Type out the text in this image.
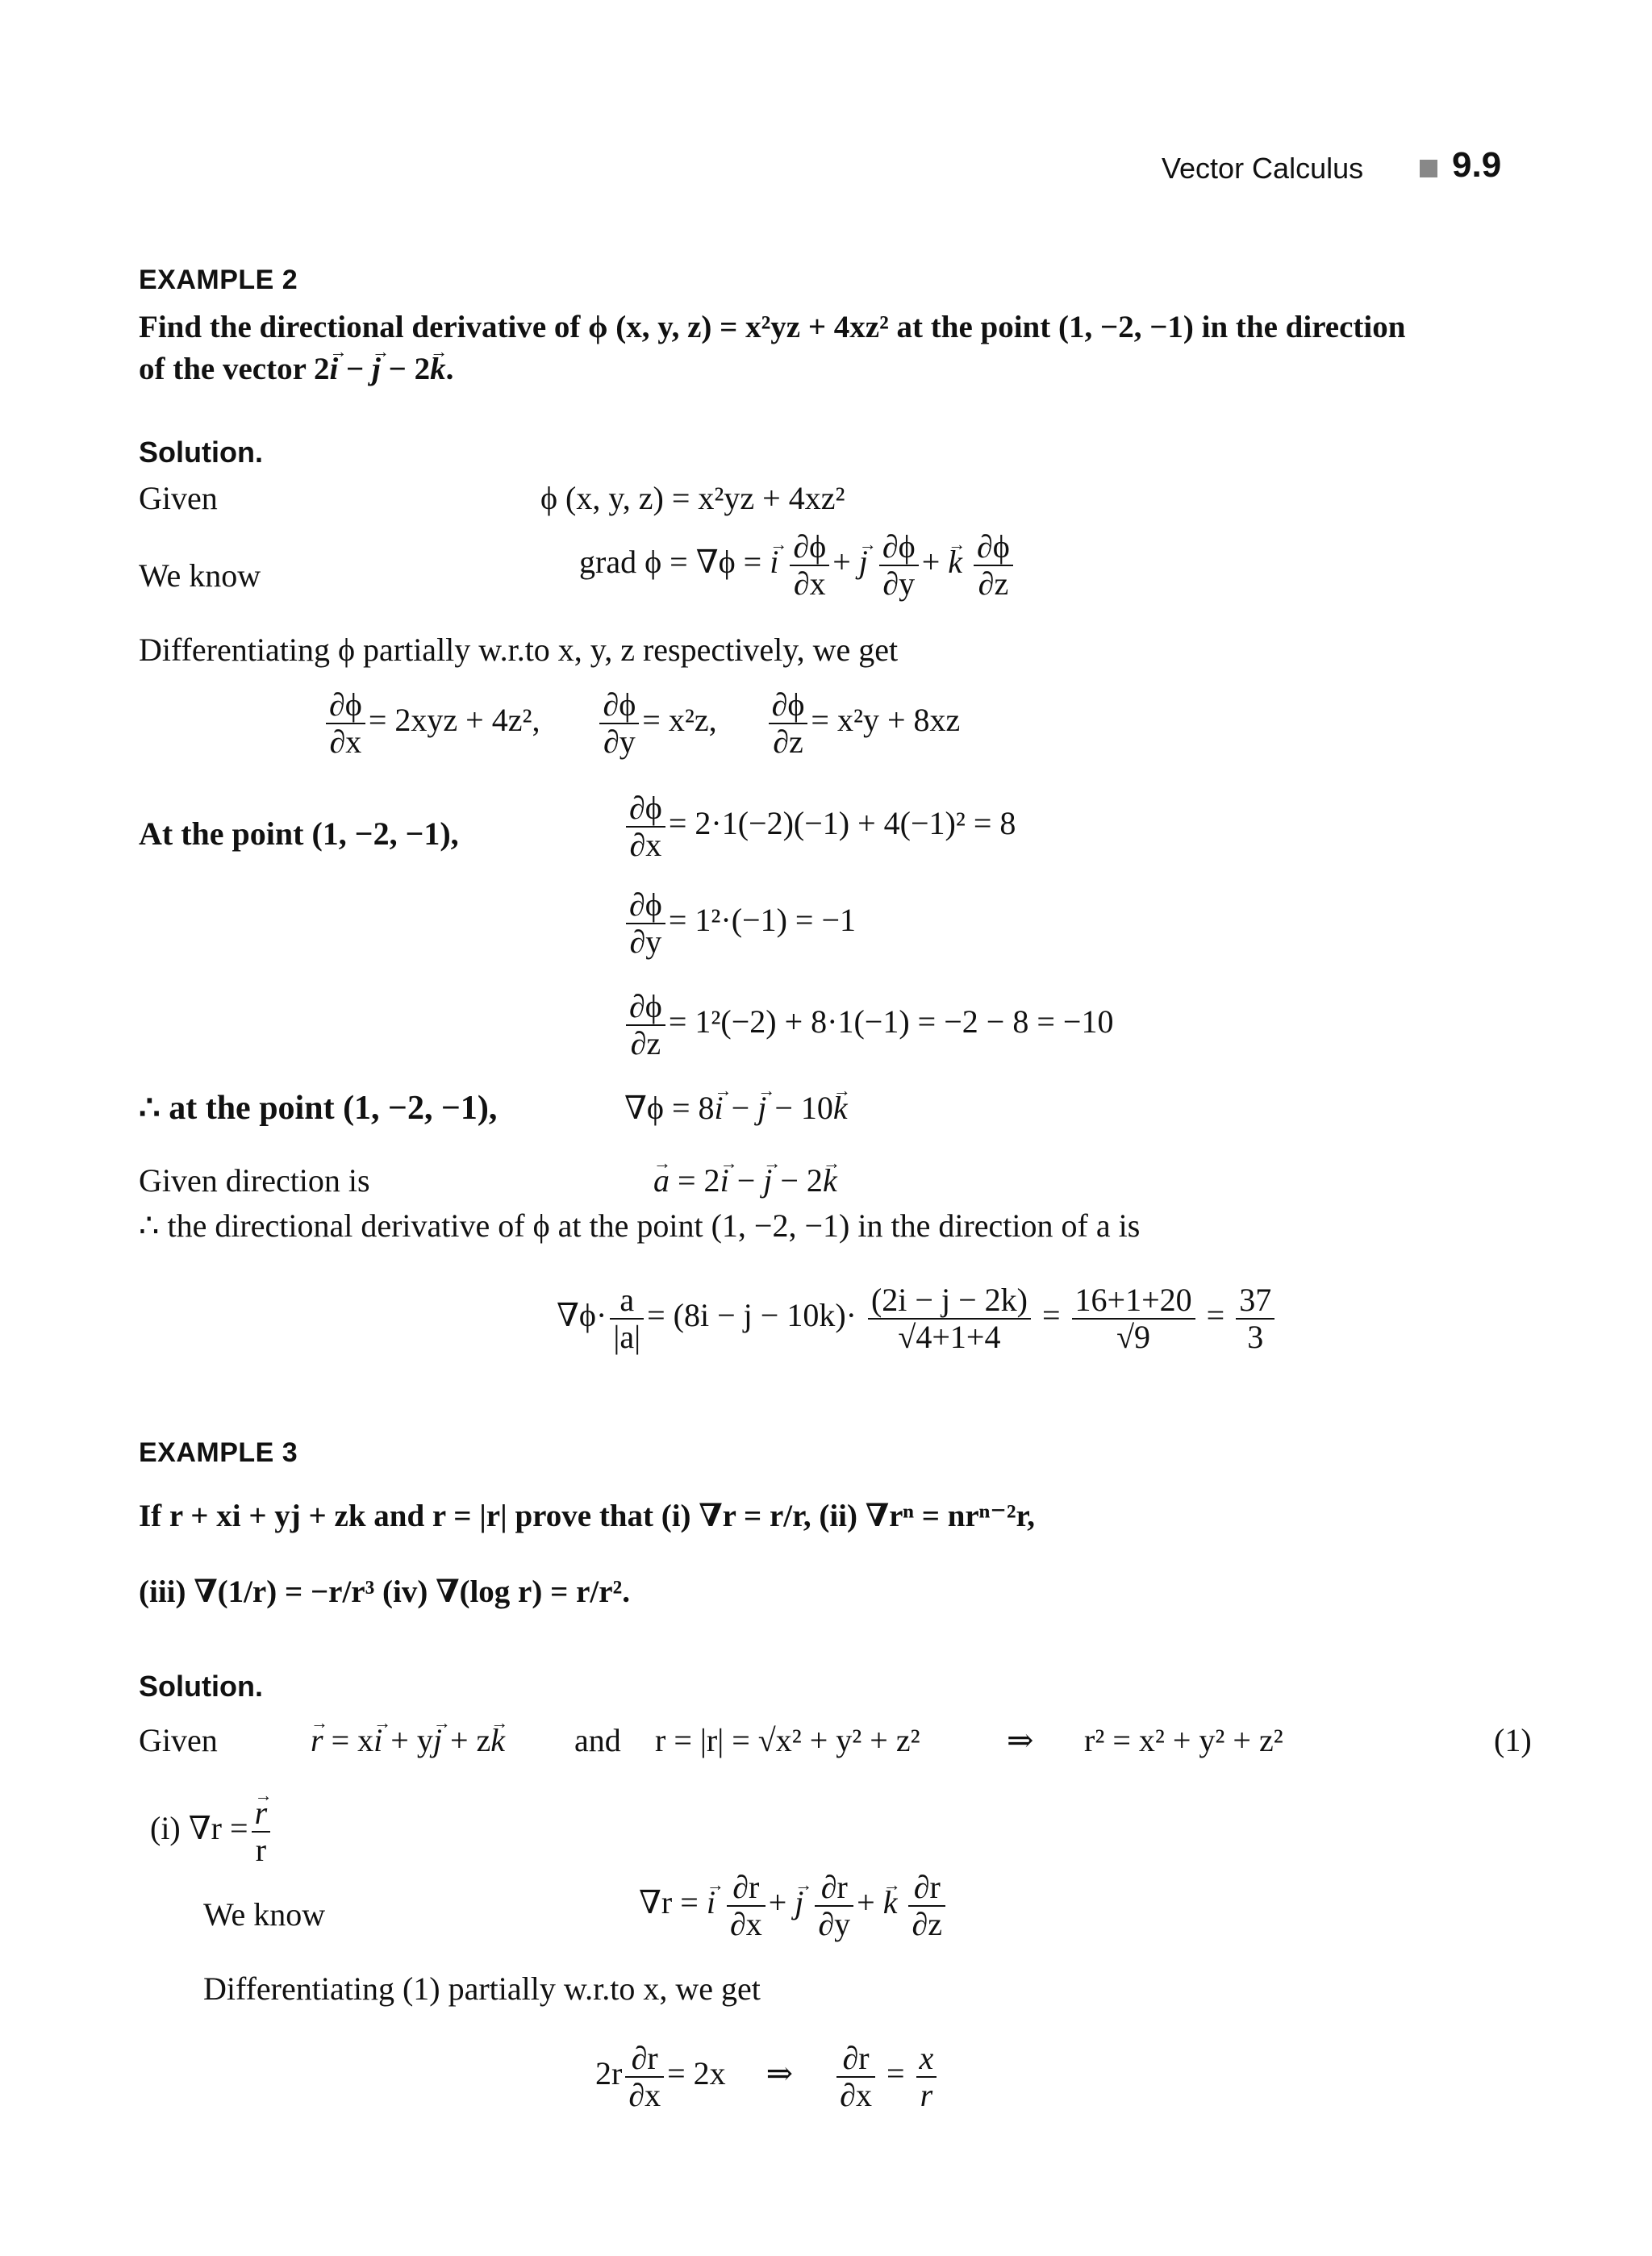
Vector Calculus 9.9
EXAMPLE 2
Find the directional derivative of ϕ (x, y, z) = x²yz + 4xz² at the point (1, −2, −1) in the direction
of the vector 2→ i − → j − 2→ k.
Solution.
Given	ϕ (x, y, z) = x²yz + 4xz²
We know	grad ϕ = ∇ϕ = → i $\frac{\partial\phi}{\partial x}$ + → j $\frac{\partial\phi}{\partial y}$ + → k $\frac{\partial\phi}{\partial z}$
Differentiating ϕ partially w.r.to x, y, z respectively, we get
$\frac{\partial\phi}{\partial x} = 2xyz + 4z^2$, $\frac{\partial\phi}{\partial y} = x^2z$, $\frac{\partial\phi}{\partial z} = x^2y + 8xz$
At the point (1, −2, −1),	$\frac{\partial\phi}{\partial x} = 2\cdot 1(-2)(-1) + 4(-1)^2 = 8$
$\frac{\partial\phi}{\partial y} = 1^2\cdot(-1) = -1$
$\frac{\partial\phi}{\partial z} = 1^2(-2) + 8\cdot 1(-1) = -2 - 8 = -10$
∴ at the point (1, −2, −1),	∇ϕ = 8→ i − → j − 10→ k
Given direction is	→ a = 2→ i − → j − 2→ k
∴ the directional derivative of ϕ at the point (1, −2, −1) in the direction of a is
$\nabla\phi\cdot \frac{a}{|a|} = (8i - j - 10k)\cdot \frac{(2i - j - 2k)}{√4+1+4} = \frac{16+1+20}{√9} = \frac{37}{3}$
EXAMPLE 3
If r + xi + yj + zk and r = |r| prove that (i) ∇r = r/r, (ii) ∇rⁿ = nrⁿ⁻²r,
(iii) ∇(1/r) = −r/r³ (iv) ∇(log r) = r/r².
Solution.
Given	→ r = x→ i + y→ j + z→ k and r = |r| = √x² + y² + z²	⇒ r² = x² + y² + z²	(1)
(i) ∇r = → $\frac{r}{r}$
We know	∇r = → i $\frac{\partial r}{\partial x}$ + → j $\frac{\partial r}{\partial y}$ + → k $\frac{\partial r}{\partial z}$
Differentiating (1) partially w.r.to x, we get
$2r \frac{\partial r}{\partial x} = 2x$ ⇒ $\frac{\partial r}{\partial x} = \frac{x}{r}$
